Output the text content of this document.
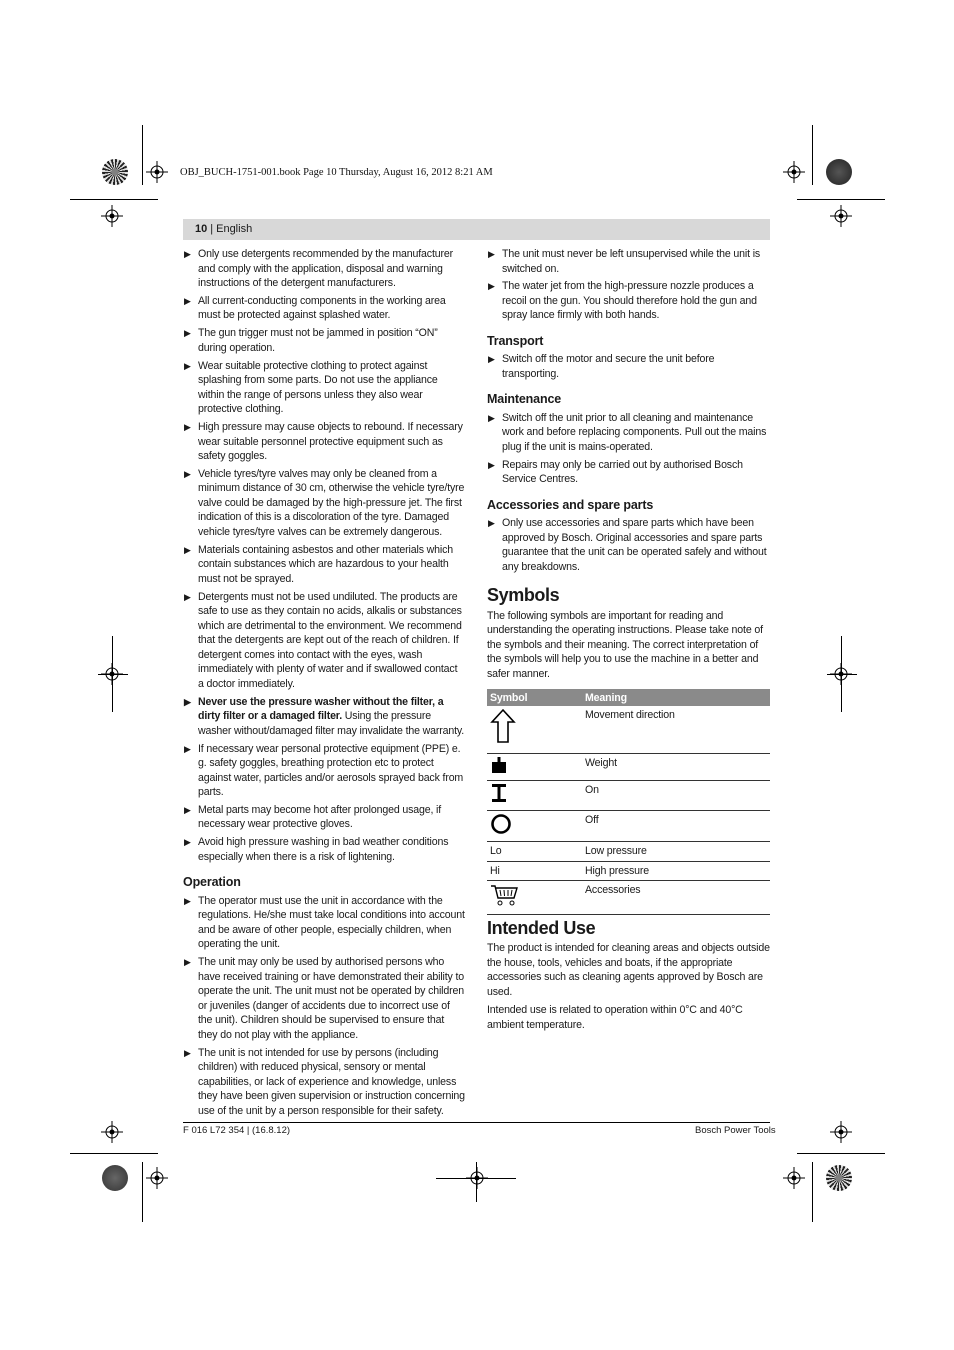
OBJ_BUCH-1751-001.book Page 10 Thursday, August 16, 2012 8:21 AM
10 | English
▶ Only use detergents recommended by the manufacturer and comply with the application, disposal and warning instructions of the detergent manufacturers.
▶ All current-conducting components in the working area must be protected against splashed water.
▶ The gun trigger must not be jammed in position “ON” during operation.
▶ Wear suitable protective clothing to protect against splashing from some parts. Do not use the appliance within the range of persons unless they also wear protective clothing.
▶ High pressure may cause objects to rebound. If necessary wear suitable personnel protective equipment such as safety goggles.
▶ Vehicle tyres/tyre valves may only be cleaned from a minimum distance of 30 cm, otherwise the vehicle tyre/tyre valve could be damaged by the high-pressure jet. The first indication of this is a discoloration of the tyre. Damaged vehicle tyres/tyre valves can be extremely dangerous.
▶ Materials containing asbestos and other materials which contain substances which are hazardous to your health must not be sprayed.
▶ Detergents must not be used undiluted. The products are safe to use as they contain no acids, alkalis or substances which are detrimental to the environment. We recommend that the detergents are kept out of the reach of children. If detergent comes into contact with the eyes, wash immediately with plenty of water and if swallowed contact a doctor immediately.
▶ Never use the pressure washer without the filter, a dirty filter or a damaged filter. Using the pressure washer without/damaged filter may invalidate the warranty.
▶ If necessary wear personal protective equipment (PPE) e. g. safety goggles, breathing protection etc to protect against water, particles and/or aerosols sprayed back from parts.
▶ Metal parts may become hot after prolonged usage, if necessary wear protective gloves.
▶ Avoid high pressure washing in bad weather conditions especially when there is a risk of lightening.
Operation
▶ The operator must use the unit in accordance with the regulations. He/she must take local conditions into account and be aware of other people, especially children, when operating the unit.
▶ The unit may only be used by authorised persons who have received training or have demonstrated their ability to operate the unit. The unit must not be operated by children or juveniles (danger of accidents due to incorrect use of the unit). Children should be supervised to ensure that they do not play with the appliance.
▶ The unit is not intended for use by persons (including children) with reduced physical, sensory or mental capabilities, or lack of experience and knowledge, unless they have been given supervision or instruction concerning use of the unit by a person responsible for their safety.
▶ The unit must never be left unsupervised while the unit is switched on.
▶ The water jet from the high-pressure nozzle produces a recoil on the gun. You should therefore hold the gun and spray lance firmly with both hands.
Transport
▶ Switch off the motor and secure the unit before transporting.
Maintenance
▶ Switch off the unit prior to all cleaning and maintenance work and before replacing components. Pull out the mains plug if the unit is mains-operated.
▶ Repairs may only be carried out by authorised Bosch Service Centres.
Accessories and spare parts
▶ Only use accessories and spare parts which have been approved by Bosch. Original accessories and spare parts guarantee that the unit can be operated safely and without any breakdowns.
Symbols
The following symbols are important for reading and understanding the operating instructions. Please take note of the symbols and their meaning. The correct interpretation of the symbols will help you to use the machine in a better and safer manner.
Symbol	Meaning
	Movement direction
	Weight
	On
	Off
Lo	Low pressure
Hi	High pressure
	Accessories
Intended Use
The product is intended for cleaning areas and objects outside the house, tools, vehicles and boats, if the appropriate accessories such as cleaning agents approved by Bosch are used.
Intended use is related to operation within 0°C and 40°C ambient temperature.
F 016 L72 354 | (16.8.12)	Bosch Power Tools
